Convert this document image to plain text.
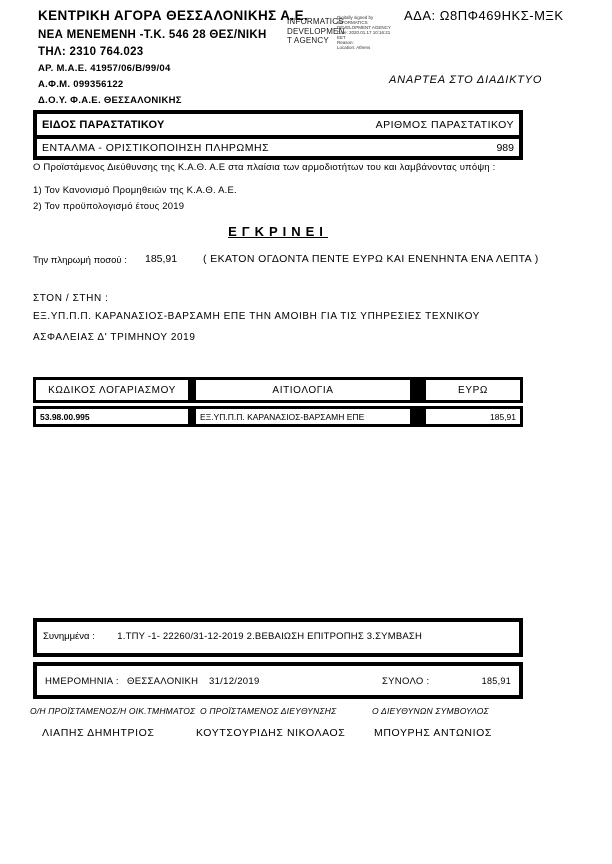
ΚΕΝΤΡΙΚΗ ΑΓΟΡΑ ΘΕΣΣΑΛΟΝΙΚΗΣ Α.Ε.
ΝΕΑ ΜΕΝΕΜΕΝΗ -Τ.Κ. 546 28 ΘΕΣ/ΝΙΚΗ
ΤΗΛ: 2310 764.023
ΑΡ. Μ.Α.Ε. 41957/06/Β/99/04
Α.Φ.Μ. 099356122
Δ.Ο.Υ. Φ.Α.Ε. ΘΕΣΣΑΛΟΝΙΚΗΣ
INFORMATICS
DEVELOPMEN
T AGENCY
Digitally signed by
INFORMATICS
DEVELOPMENT AGENCY
Date: 2020.01.17 10:16:21
EET
Reason:
Location: Athens
ΑΔΑ: Ω8ΠΦ469ΗΚΣ-ΜΞΚ
ΑΝΑΡΤΕΑ ΣΤΟ ΔΙΑΔΙΚΤΥΟ
ΕΙΔΟΣ ΠΑΡΑΣΤΑΤΙΚΟΥ	ΑΡΙΘΜΟΣ ΠΑΡΑΣΤΑΤΙΚΟΥ
ΕΝΤΑΛΜΑ - ΟΡΙΣΤΙΚΟΠΟΙΗΣΗ ΠΛΗΡΩΜΗΣ	989
Ο Προϊστάμενος Διεύθυνσης της Κ.Α.Θ. Α.Ε στα πλαίσια των αρμοδιοτήτων του και λαμβάνοντας υπόψη :
1) Τον Κανονισμό Προμηθειών της Κ.Α.Θ. Α.Ε.
2) Τον προϋπολογισμό έτους 2019
ΕΓΚΡΙΝΕΙ
Την πληρωμή ποσού : 185,91 ( ΕΚΑΤΟΝ ΟΓΔΟΝΤΑ ΠΕΝΤΕ ΕΥΡΩ ΚΑΙ ΕΝΕΝΗΝΤΑ ΕΝΑ ΛΕΠΤΑ )
ΣΤΟΝ / ΣΤΗΝ :
ΕΞ.ΥΠ.Π.Π. ΚΑΡΑΝΑΣΙΟΣ-ΒΑΡΣΑΜΗ ΕΠΕ ΤΗΝ ΑΜΟΙΒΗ ΓΙΑ ΤΙΣ ΥΠΗΡΕΣΙΕΣ ΤΕΧΝΙΚΟΥ
ΑΣΦΑΛΕΙΑΣ Δ' ΤΡΙΜΗΝΟΥ 2019
ΚΩΔΙΚΟΣ ΛΟΓΑΡΙΑΣΜΟΥ	ΑΙΤΙΟΛΟΓΙΑ	ΕΥΡΩ
53.98.00.995	ΕΞ.ΥΠ.Π.Π. ΚΑΡΑΝΑΣΙΟΣ-ΒΑΡΣΑΜΗ ΕΠΕ	185,91
Συνημμένα : 1.ΤΠΥ -1- 22260/31-12-2019 2.ΒΕΒΑΙΩΣΗ ΕΠΙΤΡΟΠΗΣ 3.ΣΥΜΒΑΣΗ
ΗΜΕΡΟΜΗΝΙΑ : ΘΕΣΣΑΛΟΝΙΚΗ 31/12/2019	ΣΥΝΟΛΟ :	185,91
Ο/Η ΠΡΟΪΣΤΑΜΕΝΟΣ/Η ΟΙΚ.ΤΜΗΜΑΤΟΣ Ο ΠΡΟΪΣΤΑΜΕΝΟΣ ΔΙΕΥΘΥΝΣΗΣ	Ο ΔΙΕΥΘΥΝΩΝ ΣΥΜΒΟΥΛΟΣ
ΛΙΑΠΗΣ ΔΗΜΗΤΡΙΟΣ	ΚΟΥΤΣΟΥΡΙΔΗΣ ΝΙΚΟΛΑΟΣ	ΜΠΟΥΡΗΣ ΑΝΤΩΝΙΟΣ
